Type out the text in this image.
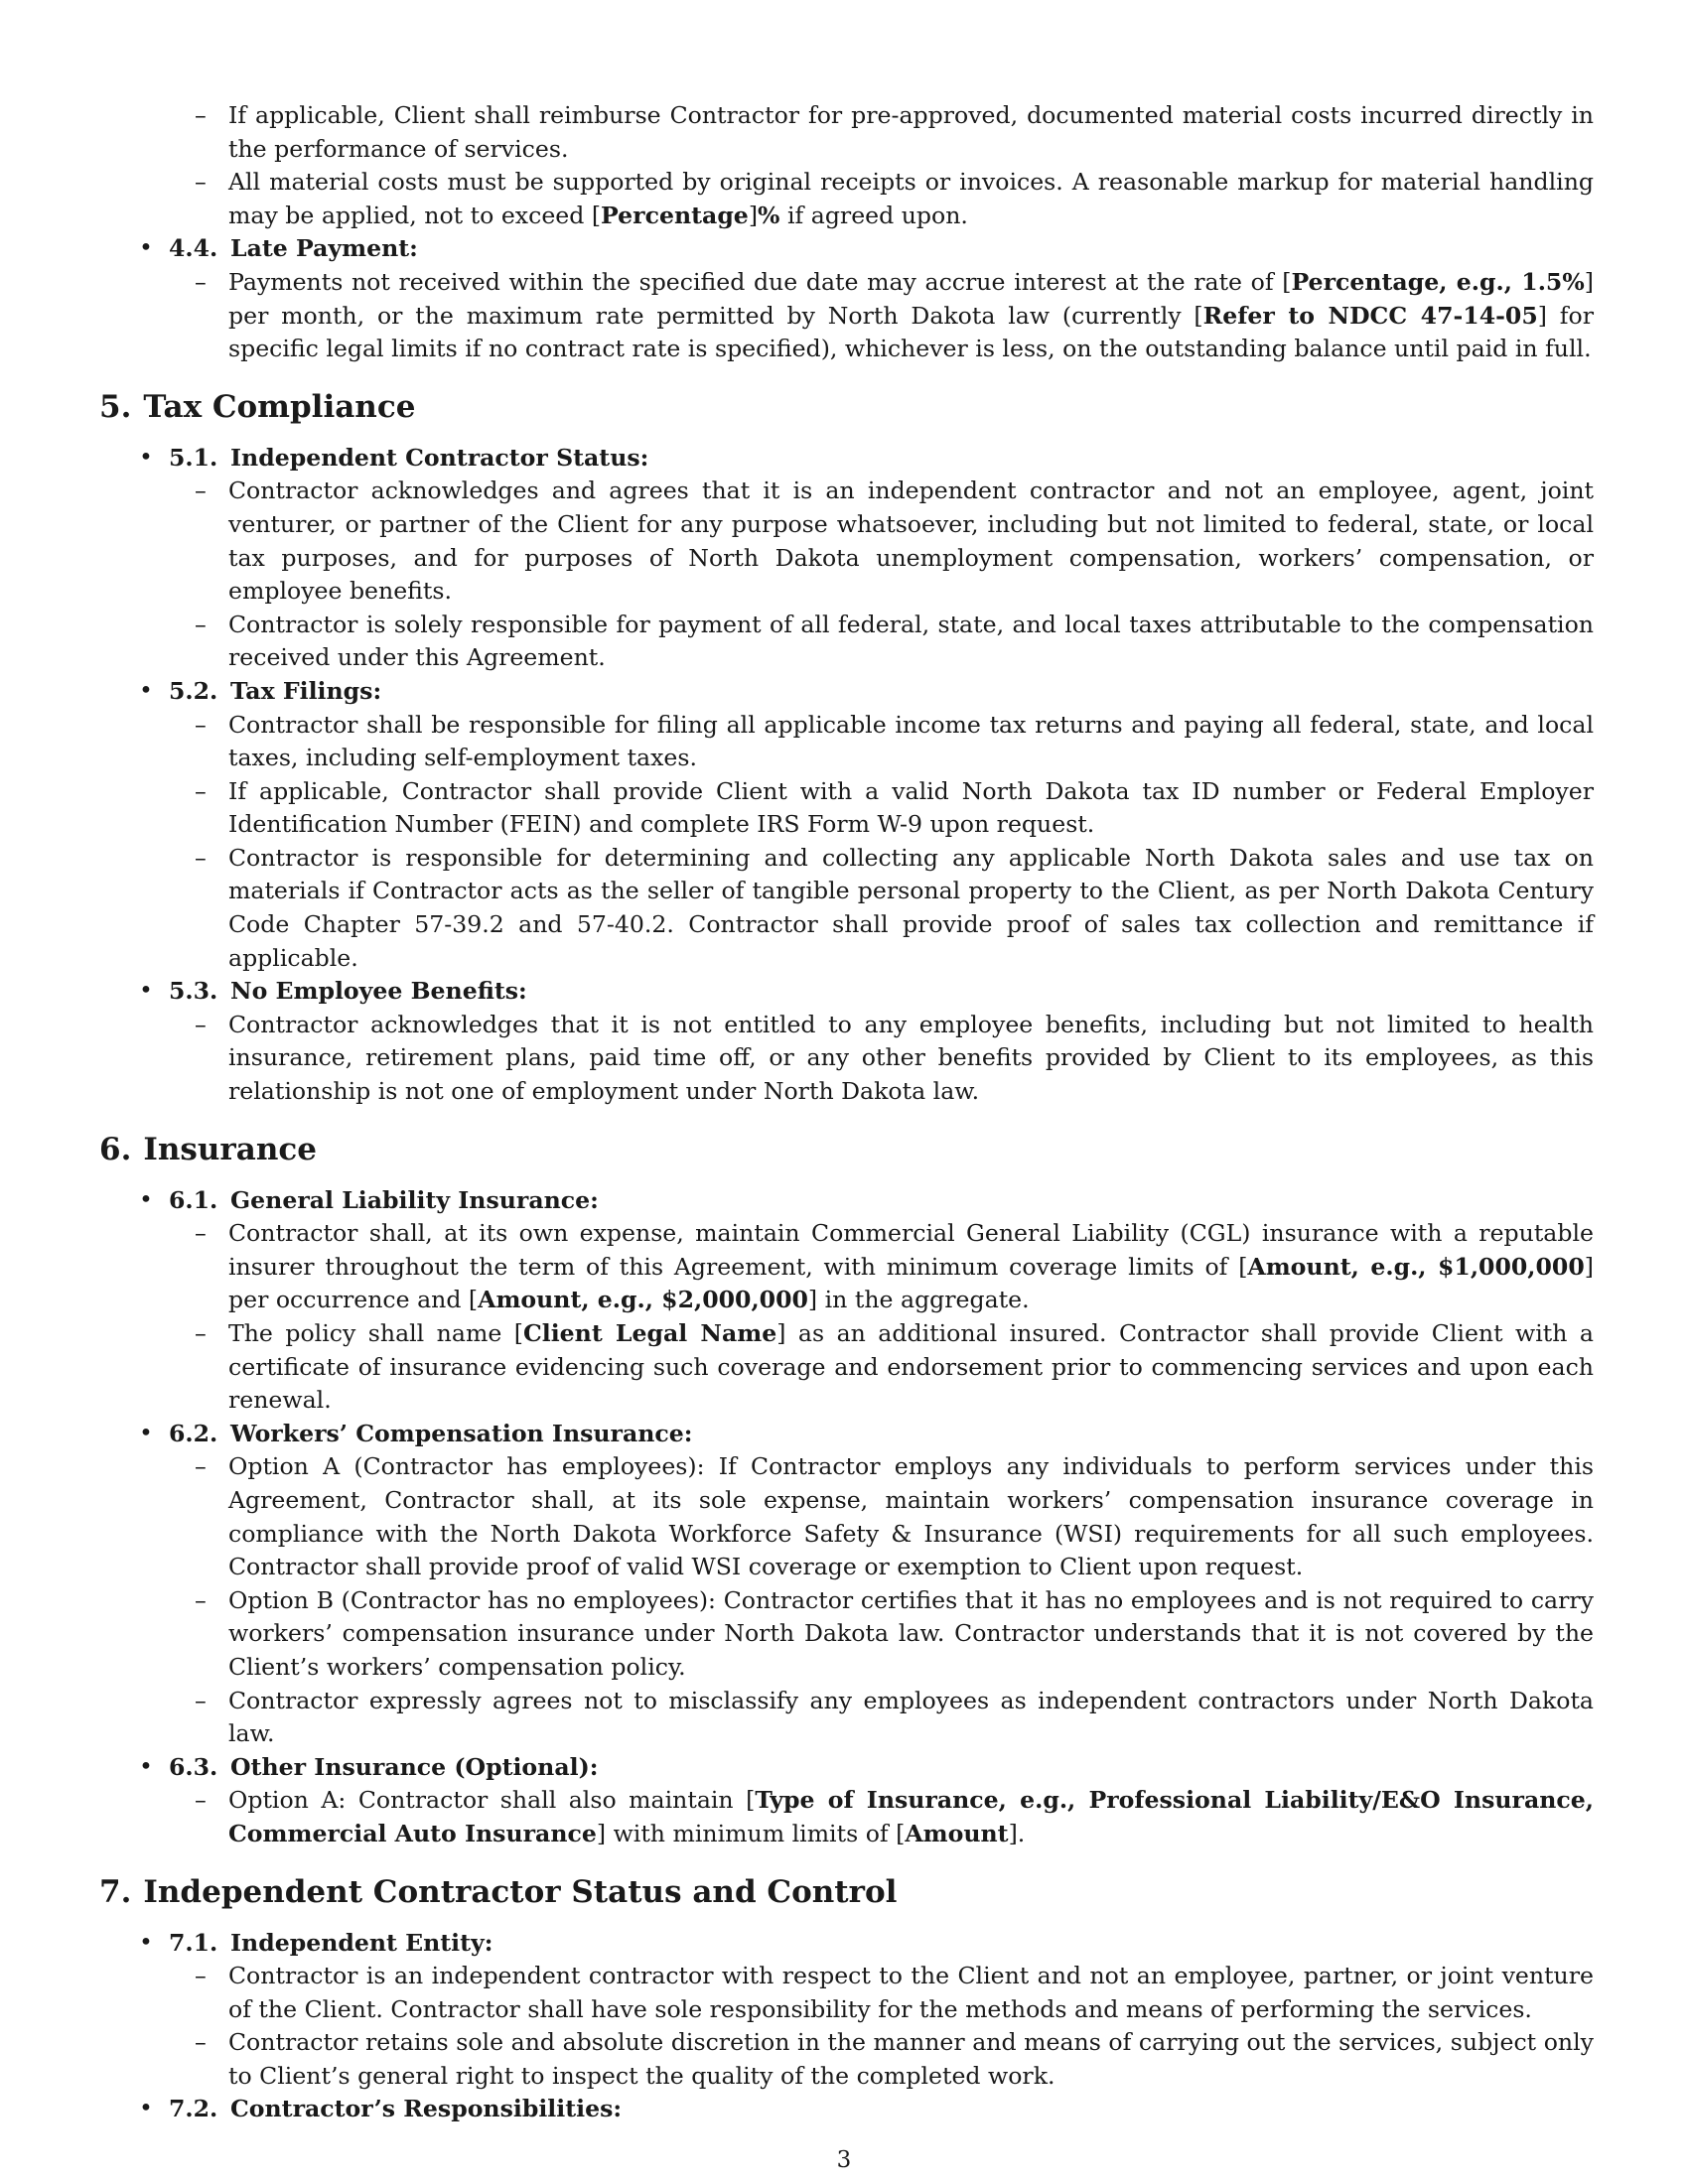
– If applicable, Client shall reimburse Contractor for pre-approved, documented material costs incurred directly in the performance of services.
– All material costs must be supported by original receipts or invoices. A reasonable markup for material handling may be applied, not to exceed [Percentage]% if agreed upon.
• 4.4. Late Payment:
– Payments not received within the specified due date may accrue interest at the rate of [Percentage, e.g., 1.5%] per month, or the maximum rate permitted by North Dakota law (currently [Refer to NDCC 47-14-05] for specific legal limits if no contract rate is specified), whichever is less, on the outstanding balance until paid in full.
5. Tax Compliance
• 5.1. Independent Contractor Status:
– Contractor acknowledges and agrees that it is an independent contractor and not an employee, agent, joint venturer, or partner of the Client for any purpose whatsoever, including but not limited to federal, state, or local tax purposes, and for purposes of North Dakota unemployment compensation, workers’ compensation, or employee benefits.
– Contractor is solely responsible for payment of all federal, state, and local taxes attributable to the compensation received under this Agreement.
• 5.2. Tax Filings:
– Contractor shall be responsible for filing all applicable income tax returns and paying all federal, state, and local taxes, including self-employment taxes.
– If applicable, Contractor shall provide Client with a valid North Dakota tax ID number or Federal Employer Identification Number (FEIN) and complete IRS Form W-9 upon request.
– Contractor is responsible for determining and collecting any applicable North Dakota sales and use tax on materials if Contractor acts as the seller of tangible personal property to the Client, as per North Dakota Century Code Chapter 57-39.2 and 57-40.2. Contractor shall provide proof of sales tax collection and remittance if applicable.
• 5.3. No Employee Benefits:
– Contractor acknowledges that it is not entitled to any employee benefits, including but not limited to health insurance, retirement plans, paid time off, or any other benefits provided by Client to its employees, as this relationship is not one of employment under North Dakota law.
6. Insurance
• 6.1. General Liability Insurance:
– Contractor shall, at its own expense, maintain Commercial General Liability (CGL) insurance with a reputable insurer throughout the term of this Agreement, with minimum coverage limits of [Amount, e.g., $1,000,000] per occurrence and [Amount, e.g., $2,000,000] in the aggregate.
– The policy shall name [Client Legal Name] as an additional insured. Contractor shall provide Client with a certificate of insurance evidencing such coverage and endorsement prior to commencing services and upon each renewal.
• 6.2. Workers’ Compensation Insurance:
– Option A (Contractor has employees): If Contractor employs any individuals to perform services under this Agreement, Contractor shall, at its sole expense, maintain workers’ compensation insurance coverage in compliance with the North Dakota Workforce Safety & Insurance (WSI) requirements for all such employees. Contractor shall provide proof of valid WSI coverage or exemption to Client upon request.
– Option B (Contractor has no employees): Contractor certifies that it has no employees and is not required to carry workers’ compensation insurance under North Dakota law. Contractor understands that it is not covered by the Client’s workers’ compensation policy.
– Contractor expressly agrees not to misclassify any employees as independent contractors under North Dakota law.
• 6.3. Other Insurance (Optional):
– Option A: Contractor shall also maintain [Type of Insurance, e.g., Professional Liability/E&O Insurance, Commercial Auto Insurance] with minimum limits of [Amount].
7. Independent Contractor Status and Control
• 7.1. Independent Entity:
– Contractor is an independent contractor with respect to the Client and not an employee, partner, or joint venture of the Client. Contractor shall have sole responsibility for the methods and means of performing the services.
– Contractor retains sole and absolute discretion in the manner and means of carrying out the services, subject only to Client’s general right to inspect the quality of the completed work.
• 7.2. Contractor’s Responsibilities:
3
